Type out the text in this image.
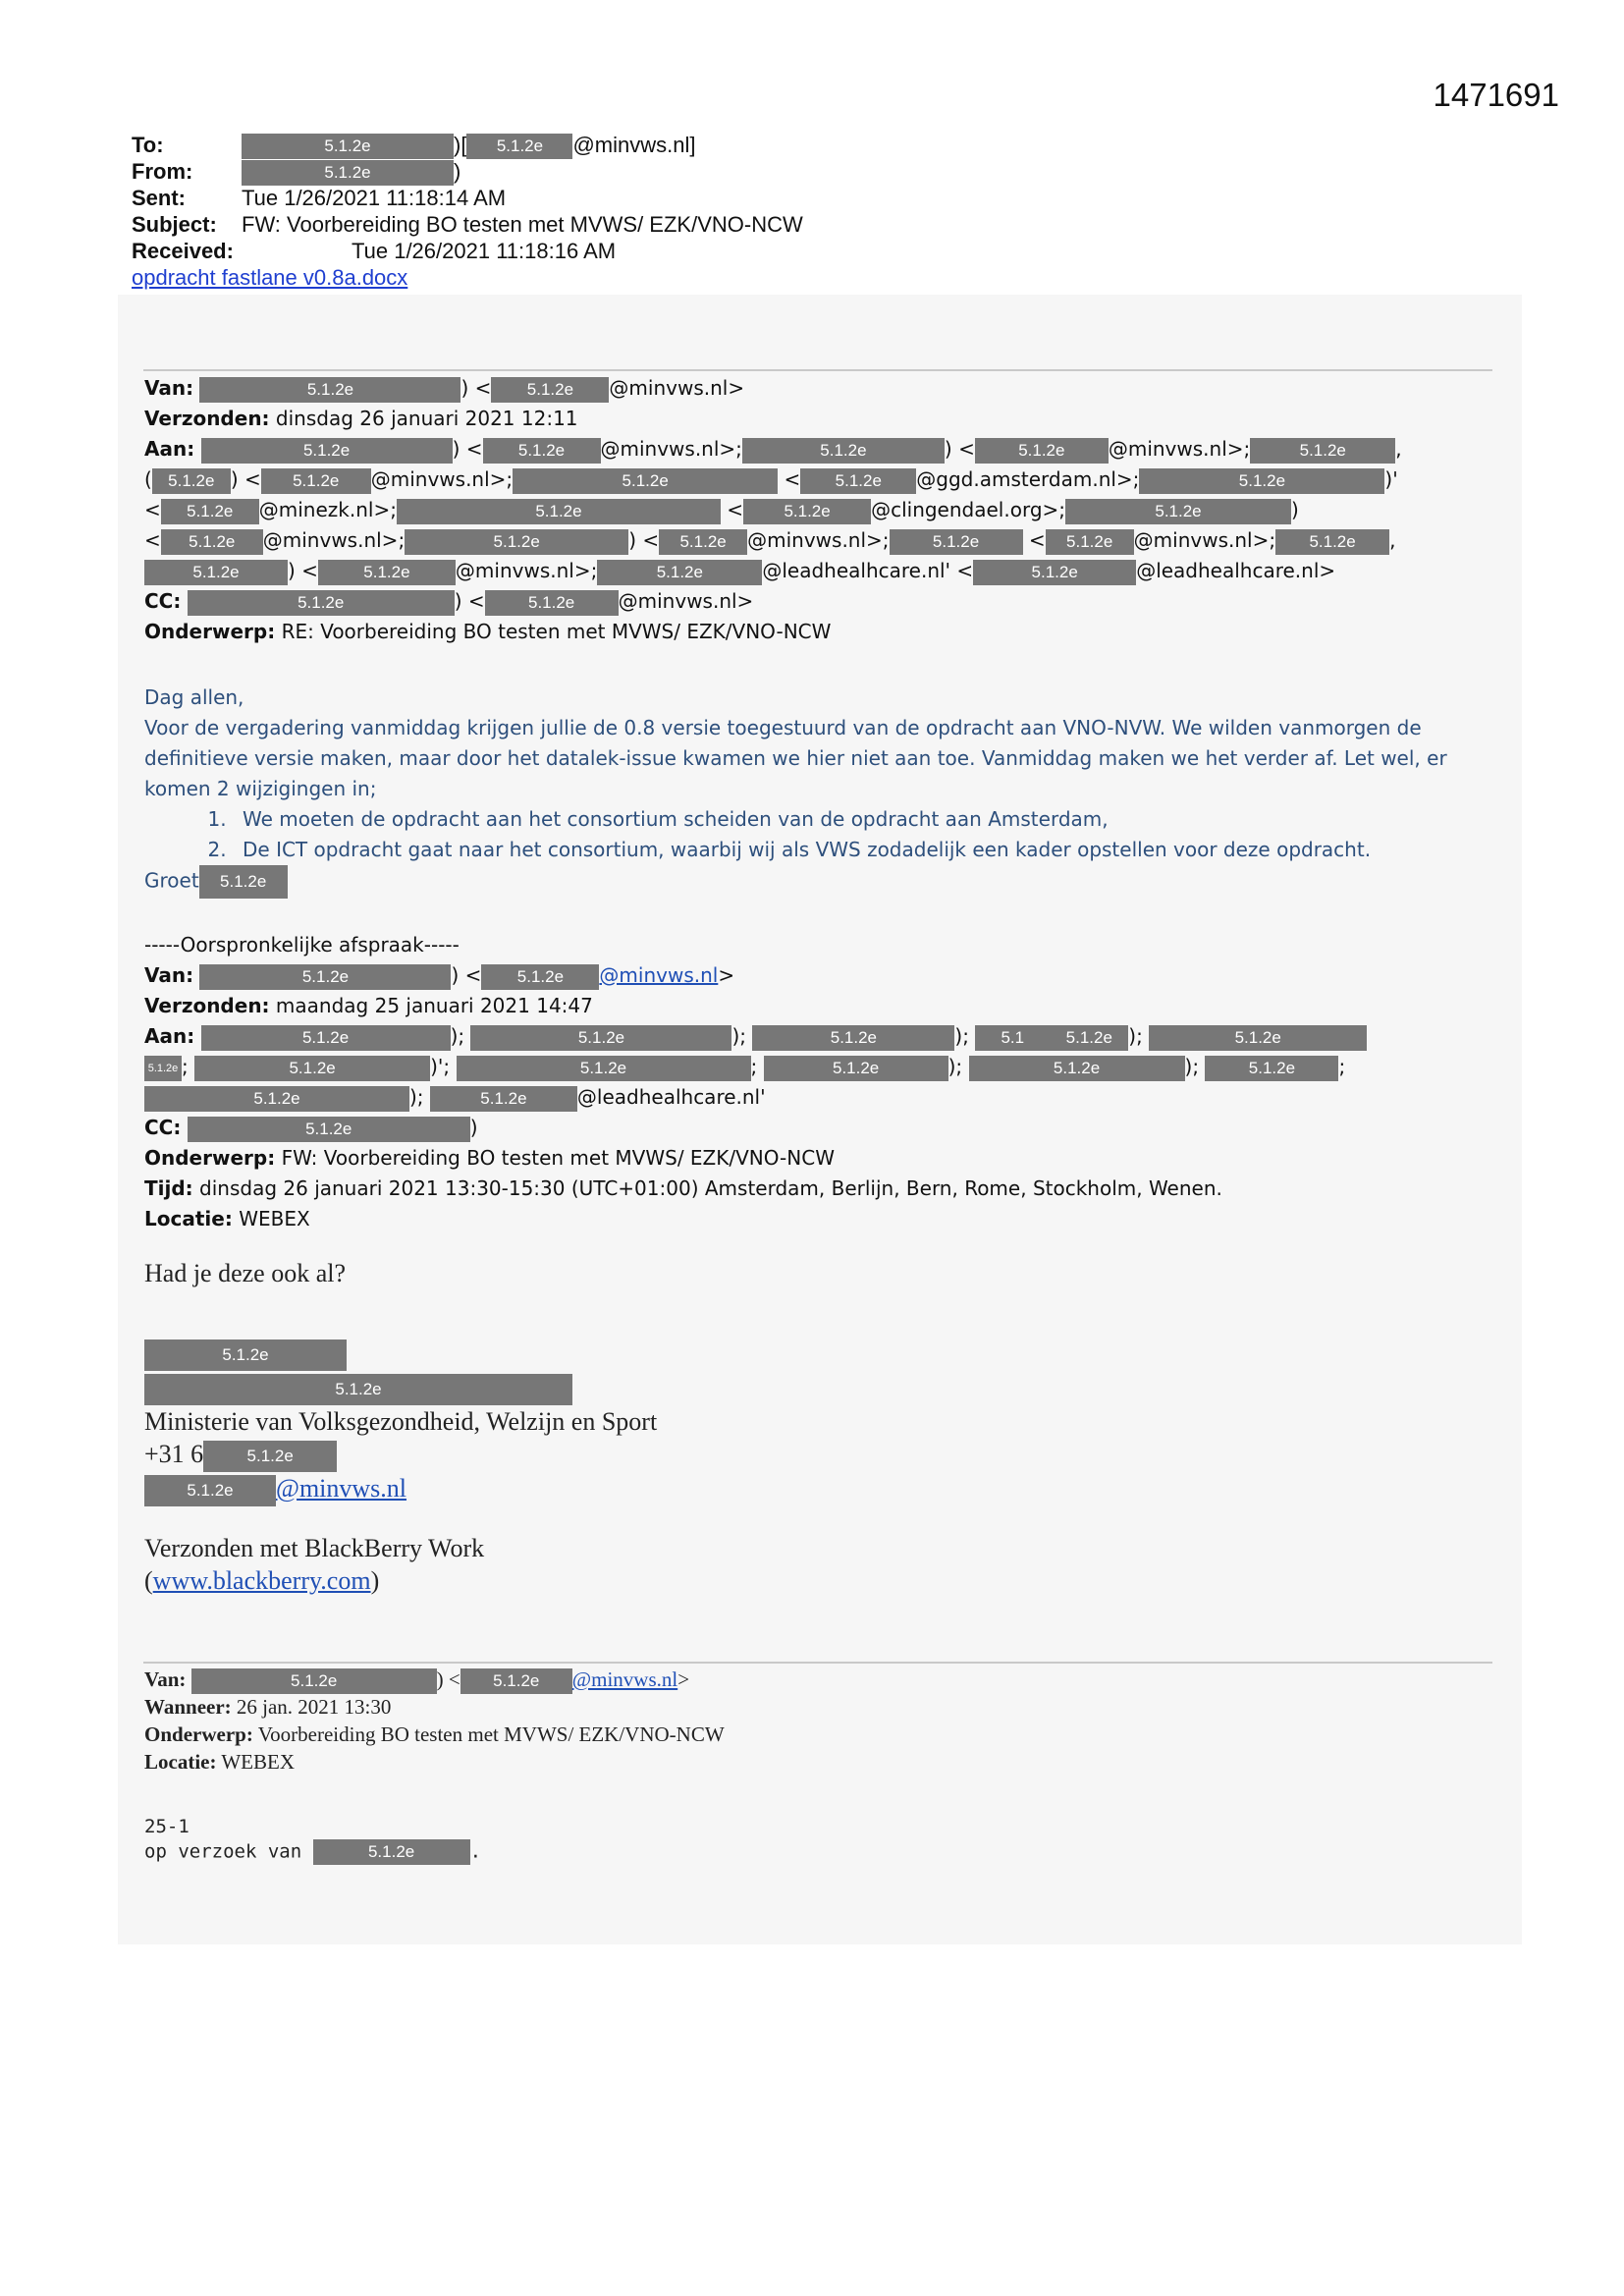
1471691
To:	5.1.2e	)[ 5.1.2e @minvws.nl]
From:	5.1.2e	)
Sent:	Tue 1/26/2021 11:18:14 AM
Subject: FW: Voorbereiding BO testen met MVWS/ EZK/VNO-NCW
Received:	Tue 1/26/2021 11:18:16 AM
opdracht fastlane v0.8a.docx
Van:	5.1.2e	) < 5.1.2e @minvws.nl>
Verzonden: dinsdag 26 januari 2021 12:11
Aan:	5.1.2e	) < 5.1.2e @minvws.nl>;	5.1.2e	) <	5.1.2e @minvws.nl>;	5.1.2e	,
( 5.1.2e ) < 5.1.2e @minvws.nl>;	5.1.2e	< 5.1.2e @ggd.amsterdam.nl>;	5.1.2e	)'
< 5.1.2e @minezk.nl>;	5.1.2e	< 5.1.2e @clingendael.org>;	5.1.2e	)
< 5.1.2e @minvws.nl>;	5.1.2e	) < 5.1.2e @minvws.nl>;	5.1.2e < 5.1.2e @minvws.nl>; 5.1.2e ,
5.1.2e ) <	5.1.2e @minvws.nl>;	5.1.2e	@leadhealhcare.nl' <	5.1.2e	@leadhealhcare.nl>
CC:	5.1.2e	) <	5.1.2e @minvws.nl>
Onderwerp: RE: Voorbereiding BO testen met MVWS/ EZK/VNO-NCW

Dag allen,

Voor de vergadering vanmiddag krijgen jullie de 0.8 versie toegestuurd van de opdracht aan VNO-NVW. We wilden vanmorgen de definitieve versie maken, maar door het datalek-issue kwamen we hier niet aan toe. Vanmiddag maken we het verder af. Let wel, er komen 2 wijzigingen in;

1. We moeten de opdracht aan het consortium scheiden van de opdracht aan Amsterdam,
2. De ICT opdracht gaat naar het consortium, waarbij wij als VWS zodadelijk een kader opstellen voor deze opdracht.

Groet 5.1.2e

-----Oorspronkelijke afspraak-----
Van:	5.1.2e	) < 5.1.2e @minvws.nl>
Verzonden: maandag 25 januari 2021 14:47
Aan:	5.1.2e	);	5.1.2e	);	5.1.2e	); 5.1	5.1.2e );	5.1.2e
5.1.2e ;	5.1.2e	)';	5.1.2e	;	5.1.2e	);	5.1.2e	);	5.1.2e ;
5.1.2e	);	5.1.2e	@leadhealhcare.nl'
CC:	5.1.2e	)
Onderwerp: FW: Voorbereiding BO testen met MVWS/ EZK/VNO-NCW
Tijd: dinsdag 26 januari 2021 13:30-15:30 (UTC+01:00) Amsterdam, Berlijn, Bern, Rome, Stockholm, Wenen.
Locatie: WEBEX
Had je deze ook al?
5.1.2e
5.1.2e
Ministerie van Volksgezondheid, Welzijn en Sport
+31 6	5.1.2e
5.1.2e @minvws.nl
Verzonden met BlackBerry Work
(www.blackberry.com)
Van:	5.1.2e	) < 5.1.2e @minvws.nl>
Wanneer: 26 jan. 2021 13:30
Onderwerp: Voorbereiding BO testen met MVWS/ EZK/VNO-NCW
Locatie: WEBEX
25-1
op verzoek van	5.1.2e	.
